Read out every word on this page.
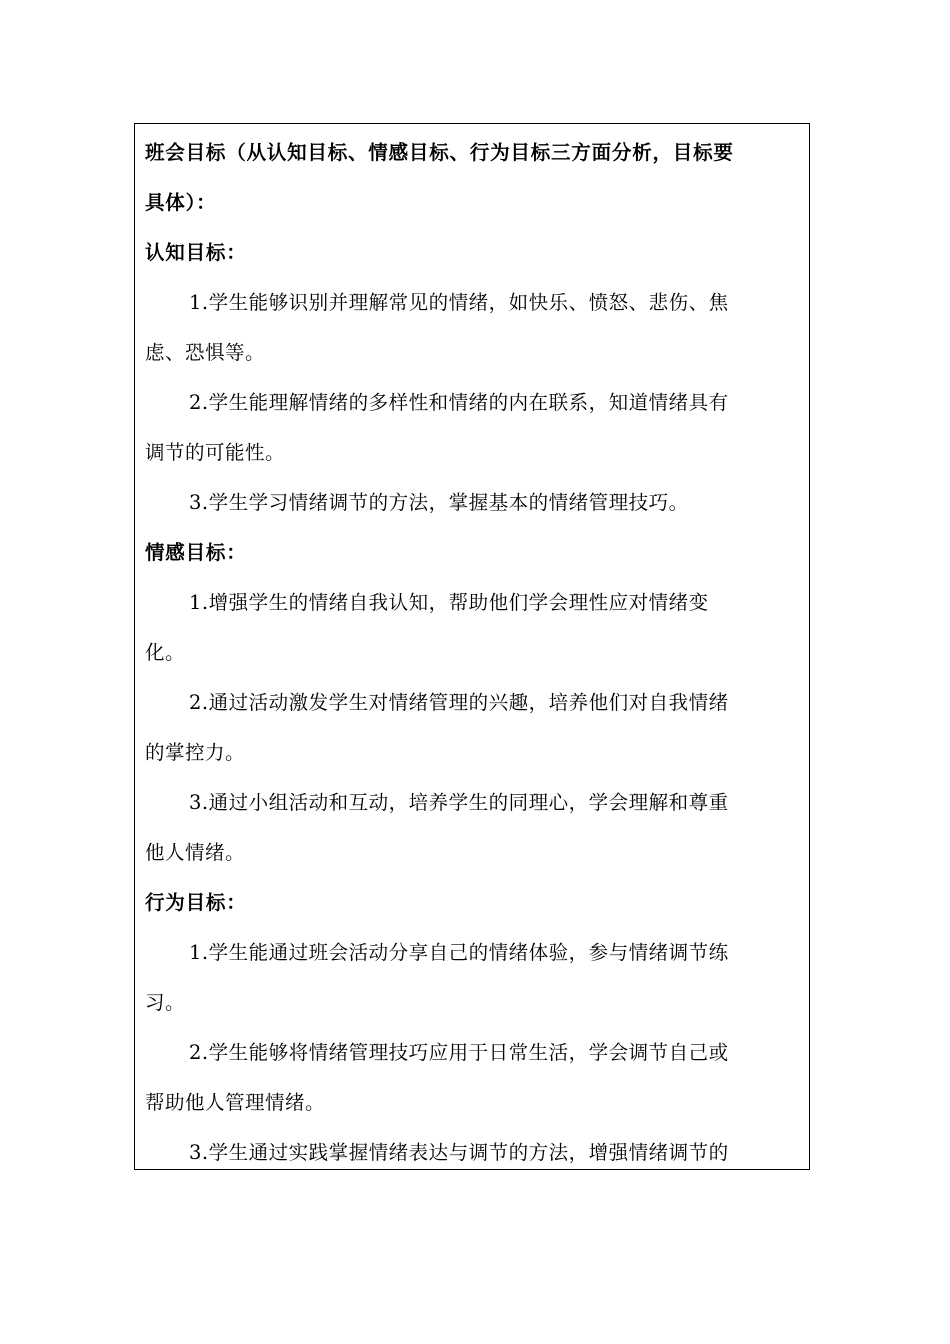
班会目标（从认知目标、情感目标、行为目标三方面分析，目标要
具体）：
认知目标：
1.学生能够识别并理解常见的情绪，如快乐、愤怒、悲伤、焦
虑、恐惧等。
2.学生能理解情绪的多样性和情绪的内在联系，知道情绪具有
调节的可能性。
3.学生学习情绪调节的方法，掌握基本的情绪管理技巧。
情感目标：
1.增强学生的情绪自我认知，帮助他们学会理性应对情绪变
化。
2.通过活动激发学生对情绪管理的兴趣，培养他们对自我情绪
的掌控力。
3.通过小组活动和互动，培养学生的同理心，学会理解和尊重
他人情绪。
行为目标：
1.学生能通过班会活动分享自己的情绪体验，参与情绪调节练
习。
2.学生能够将情绪管理技巧应用于日常生活，学会调节自己或
帮助他人管理情绪。
3.学生通过实践掌握情绪表达与调节的方法，增强情绪调节的
